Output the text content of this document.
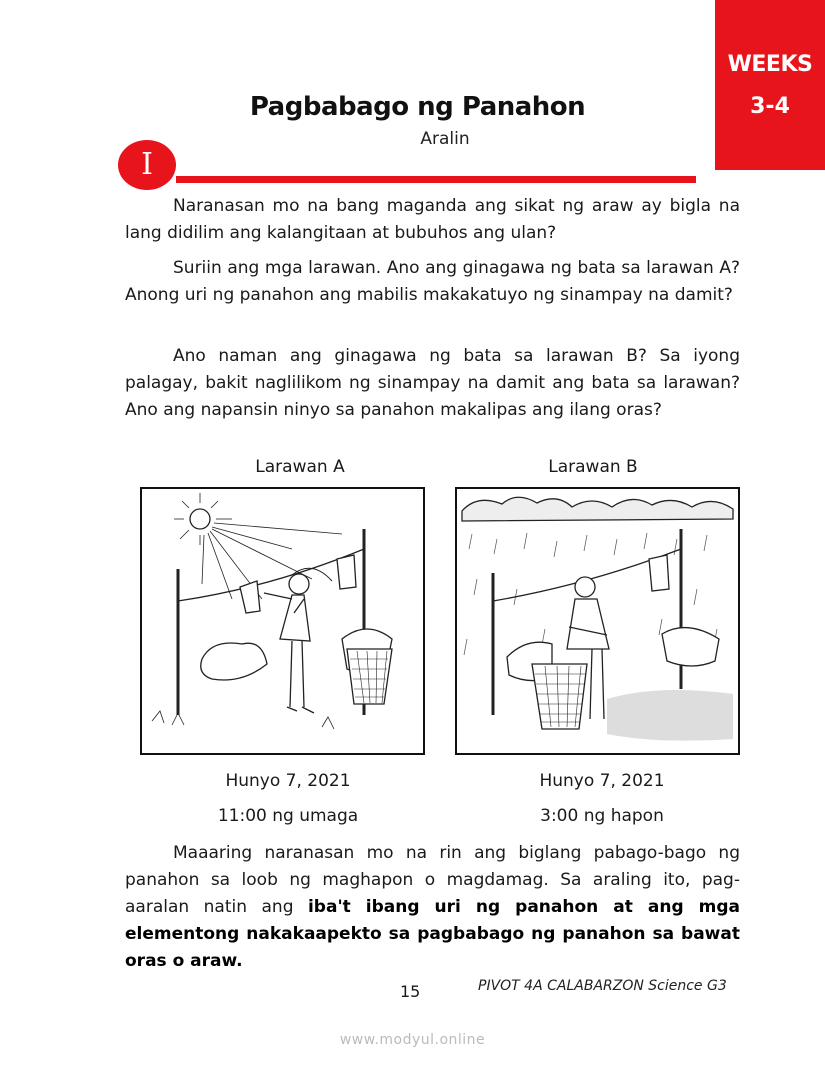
WEEKS
3-4
Pagbabago ng Panahon
Aralin
I

Naranasan mo na bang maganda ang sikat ng araw ay bigla na lang didilim ang kalangitaan at bubuhos ang ulan?

Suriin ang mga larawan. Ano ang ginagawa ng bata sa larawan A? Anong uri ng panahon ang mabilis makakatuyo ng sinampay na damit?

Ano naman ang ginagawa ng bata sa larawan B? Sa iyong palagay, bakit naglilikom ng sinampay na damit ang bata sa larawan? Ano ang napansin ninyo sa panahon makalipas ang ilang oras?

Larawan A	Larawan B
Hunyo 7, 2021
11:00 ng umaga
Hunyo 7, 2021
3:00 ng hapon

Maaaring naranasan mo na rin ang biglang pabago-bago ng panahon sa loob ng maghapon o magdamag. Sa araling ito, pag-aaralan natin ang iba't ibang uri ng panahon at ang mga elementong nakakaapekto sa pagbabago ng panahon sa bawat oras o araw.

15	PIVOT 4A CALABARZON Science G3
www.modyul.online
